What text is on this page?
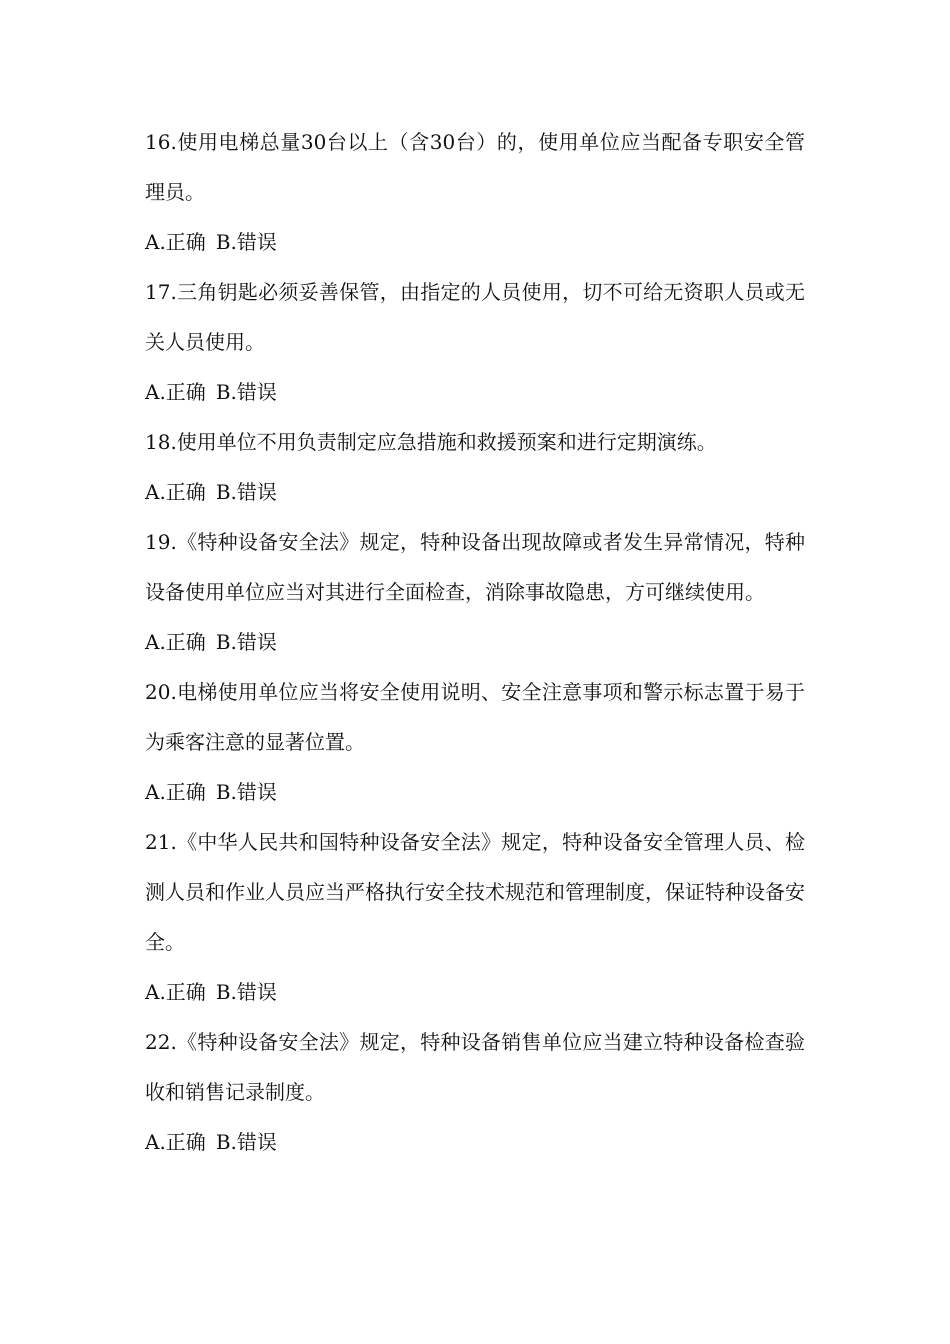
16.使用电梯总量30台以上（含30台）的，使用单位应当配备专职安全管理员。

A.正确 B.错误

17.三角钥匙必须妥善保管，由指定的人员使用，切不可给无资职人员或无关人员使用。

A.正确 B.错误

18.使用单位不用负责制定应急措施和救援预案和进行定期演练。

A.正确 B.错误

19.《特种设备安全法》规定，特种设备出现故障或者发生异常情况，特种设备使用单位应当对其进行全面检查，消除事故隐患，方可继续使用。

A.正确 B.错误

20.电梯使用单位应当将安全使用说明、安全注意事项和警示标志置于易于为乘客注意的显著位置。

A.正确 B.错误

21.《中华人民共和国特种设备安全法》规定，特种设备安全管理人员、检测人员和作业人员应当严格执行安全技术规范和管理制度，保证特种设备安全。

A.正确 B.错误

22.《特种设备安全法》规定，特种设备销售单位应当建立特种设备检查验收和销售记录制度。

A.正确 B.错误
